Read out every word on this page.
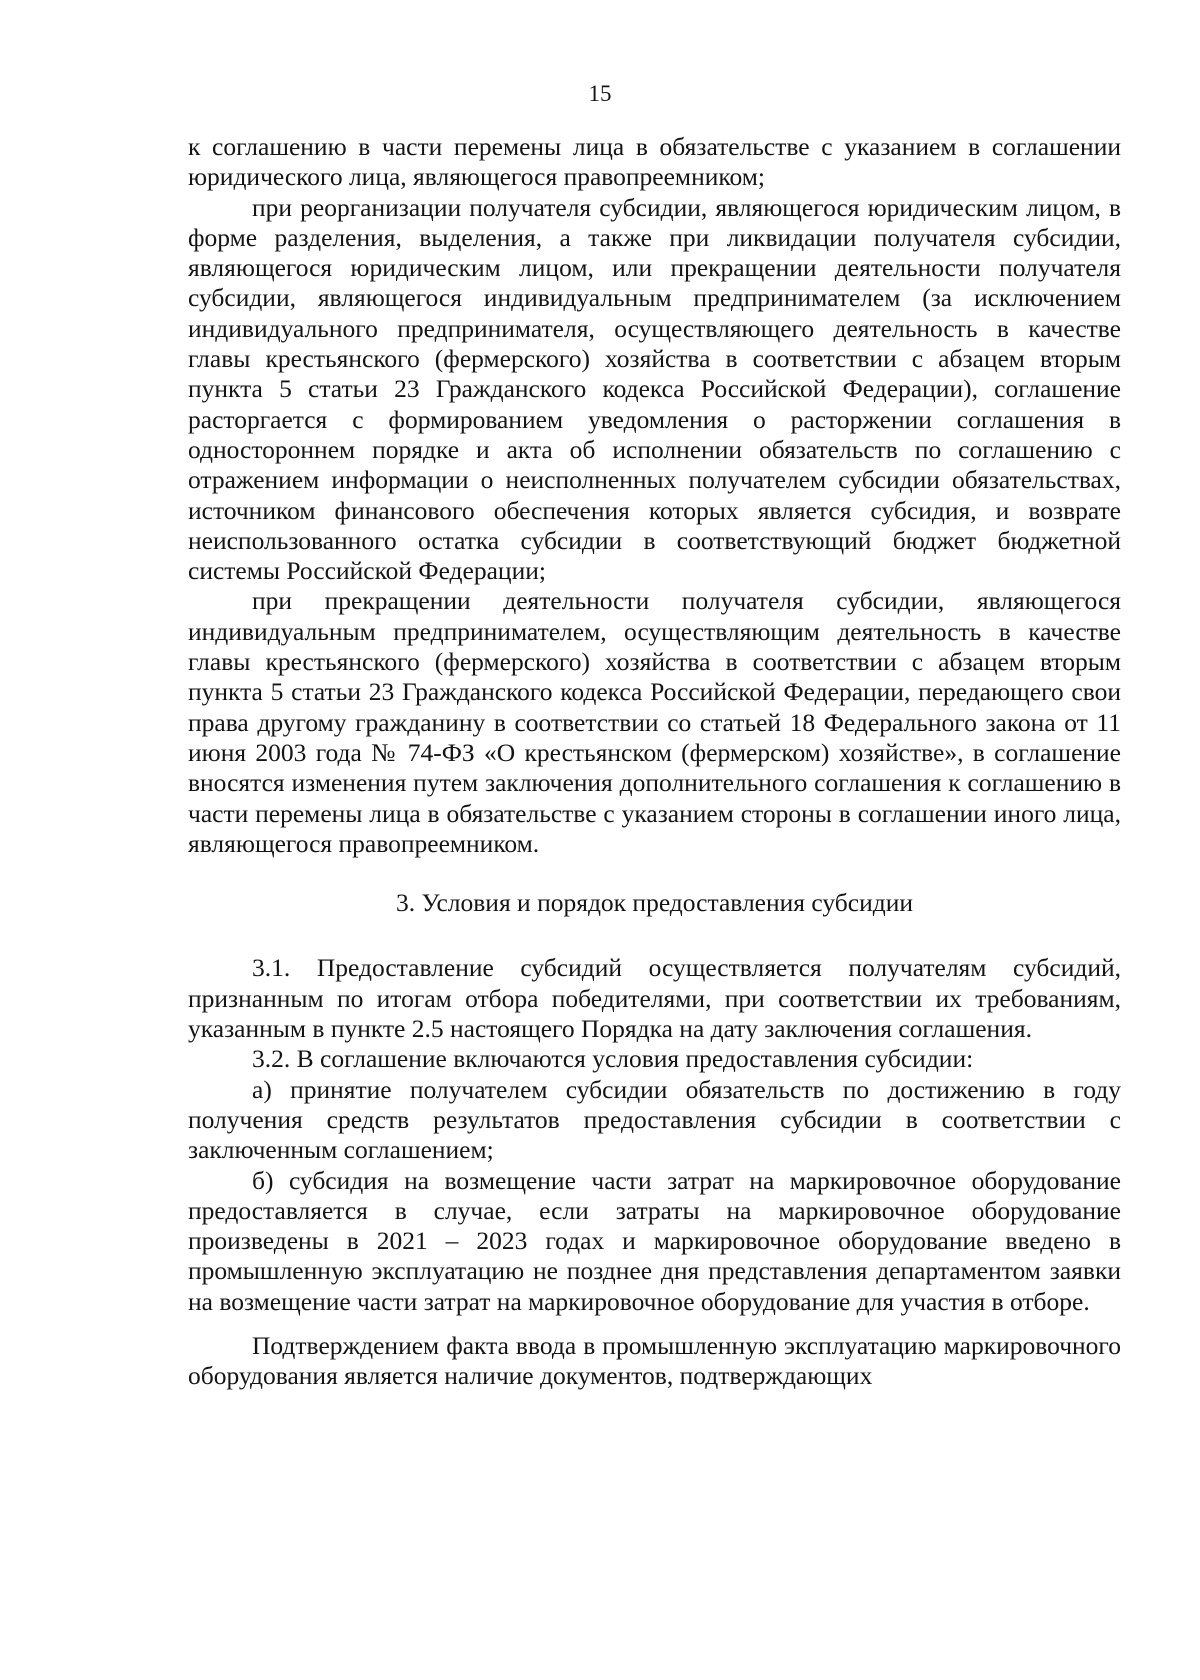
15

к соглашению в части перемены лица в обязательстве с указанием в соглашении юридического лица, являющегося правопреемником;

при реорганизации получателя субсидии, являющегося юридическим лицом, в форме разделения, выделения, а также при ликвидации получателя субсидии, являющегося юридическим лицом, или прекращении деятельности получателя субсидии, являющегося индивидуальным предпринимателем (за исключением индивидуального предпринимателя, осуществляющего деятельность в качестве главы крестьянского (фермерского) хозяйства в соответствии с абзацем вторым пункта 5 статьи 23 Гражданского кодекса Российской Федерации), соглашение расторгается с формированием уведомления о расторжении соглашения в одностороннем порядке и акта об исполнении обязательств по соглашению с отражением информации о неисполненных получателем субсидии обязательствах, источником финансового обеспечения которых является субсидия, и возврате неиспользованного остатка субсидии в соответствующий бюджет бюджетной системы Российской Федерации;

при прекращении деятельности получателя субсидии, являющегося индивидуальным предпринимателем, осуществляющим деятельность в качестве главы крестьянского (фермерского) хозяйства в соответствии с абзацем вторым пункта 5 статьи 23 Гражданского кодекса Российской Федерации, передающего свои права другому гражданину в соответствии со статьей 18 Федерального закона от 11 июня 2003 года № 74-ФЗ «О крестьянском (фермерском) хозяйстве», в соглашение вносятся изменения путем заключения дополнительного соглашения к соглашению в части перемены лица в обязательстве с указанием стороны в соглашении иного лица, являющегося правопреемником.

3. Условия и порядок предоставления субсидии

3.1. Предоставление субсидий осуществляется получателям субсидий, признанным по итогам отбора победителями, при соответствии их требованиям, указанным в пункте 2.5 настоящего Порядка на дату заключения соглашения.

3.2. В соглашение включаются условия предоставления субсидии:

а) принятие получателем субсидии обязательств по достижению в году получения средств результатов предоставления субсидии в соответствии с заключенным соглашением;

б) субсидия на возмещение части затрат на маркировочное оборудование предоставляется в случае, если затраты на маркировочное оборудование произведены в 2021 – 2023 годах и маркировочное оборудование введено в промышленную эксплуатацию не позднее дня представления департаментом заявки на возмещение части затрат на маркировочное оборудование для участия в отборе.

Подтверждением факта ввода в промышленную эксплуатацию маркировочного оборудования является наличие документов, подтверждающих
